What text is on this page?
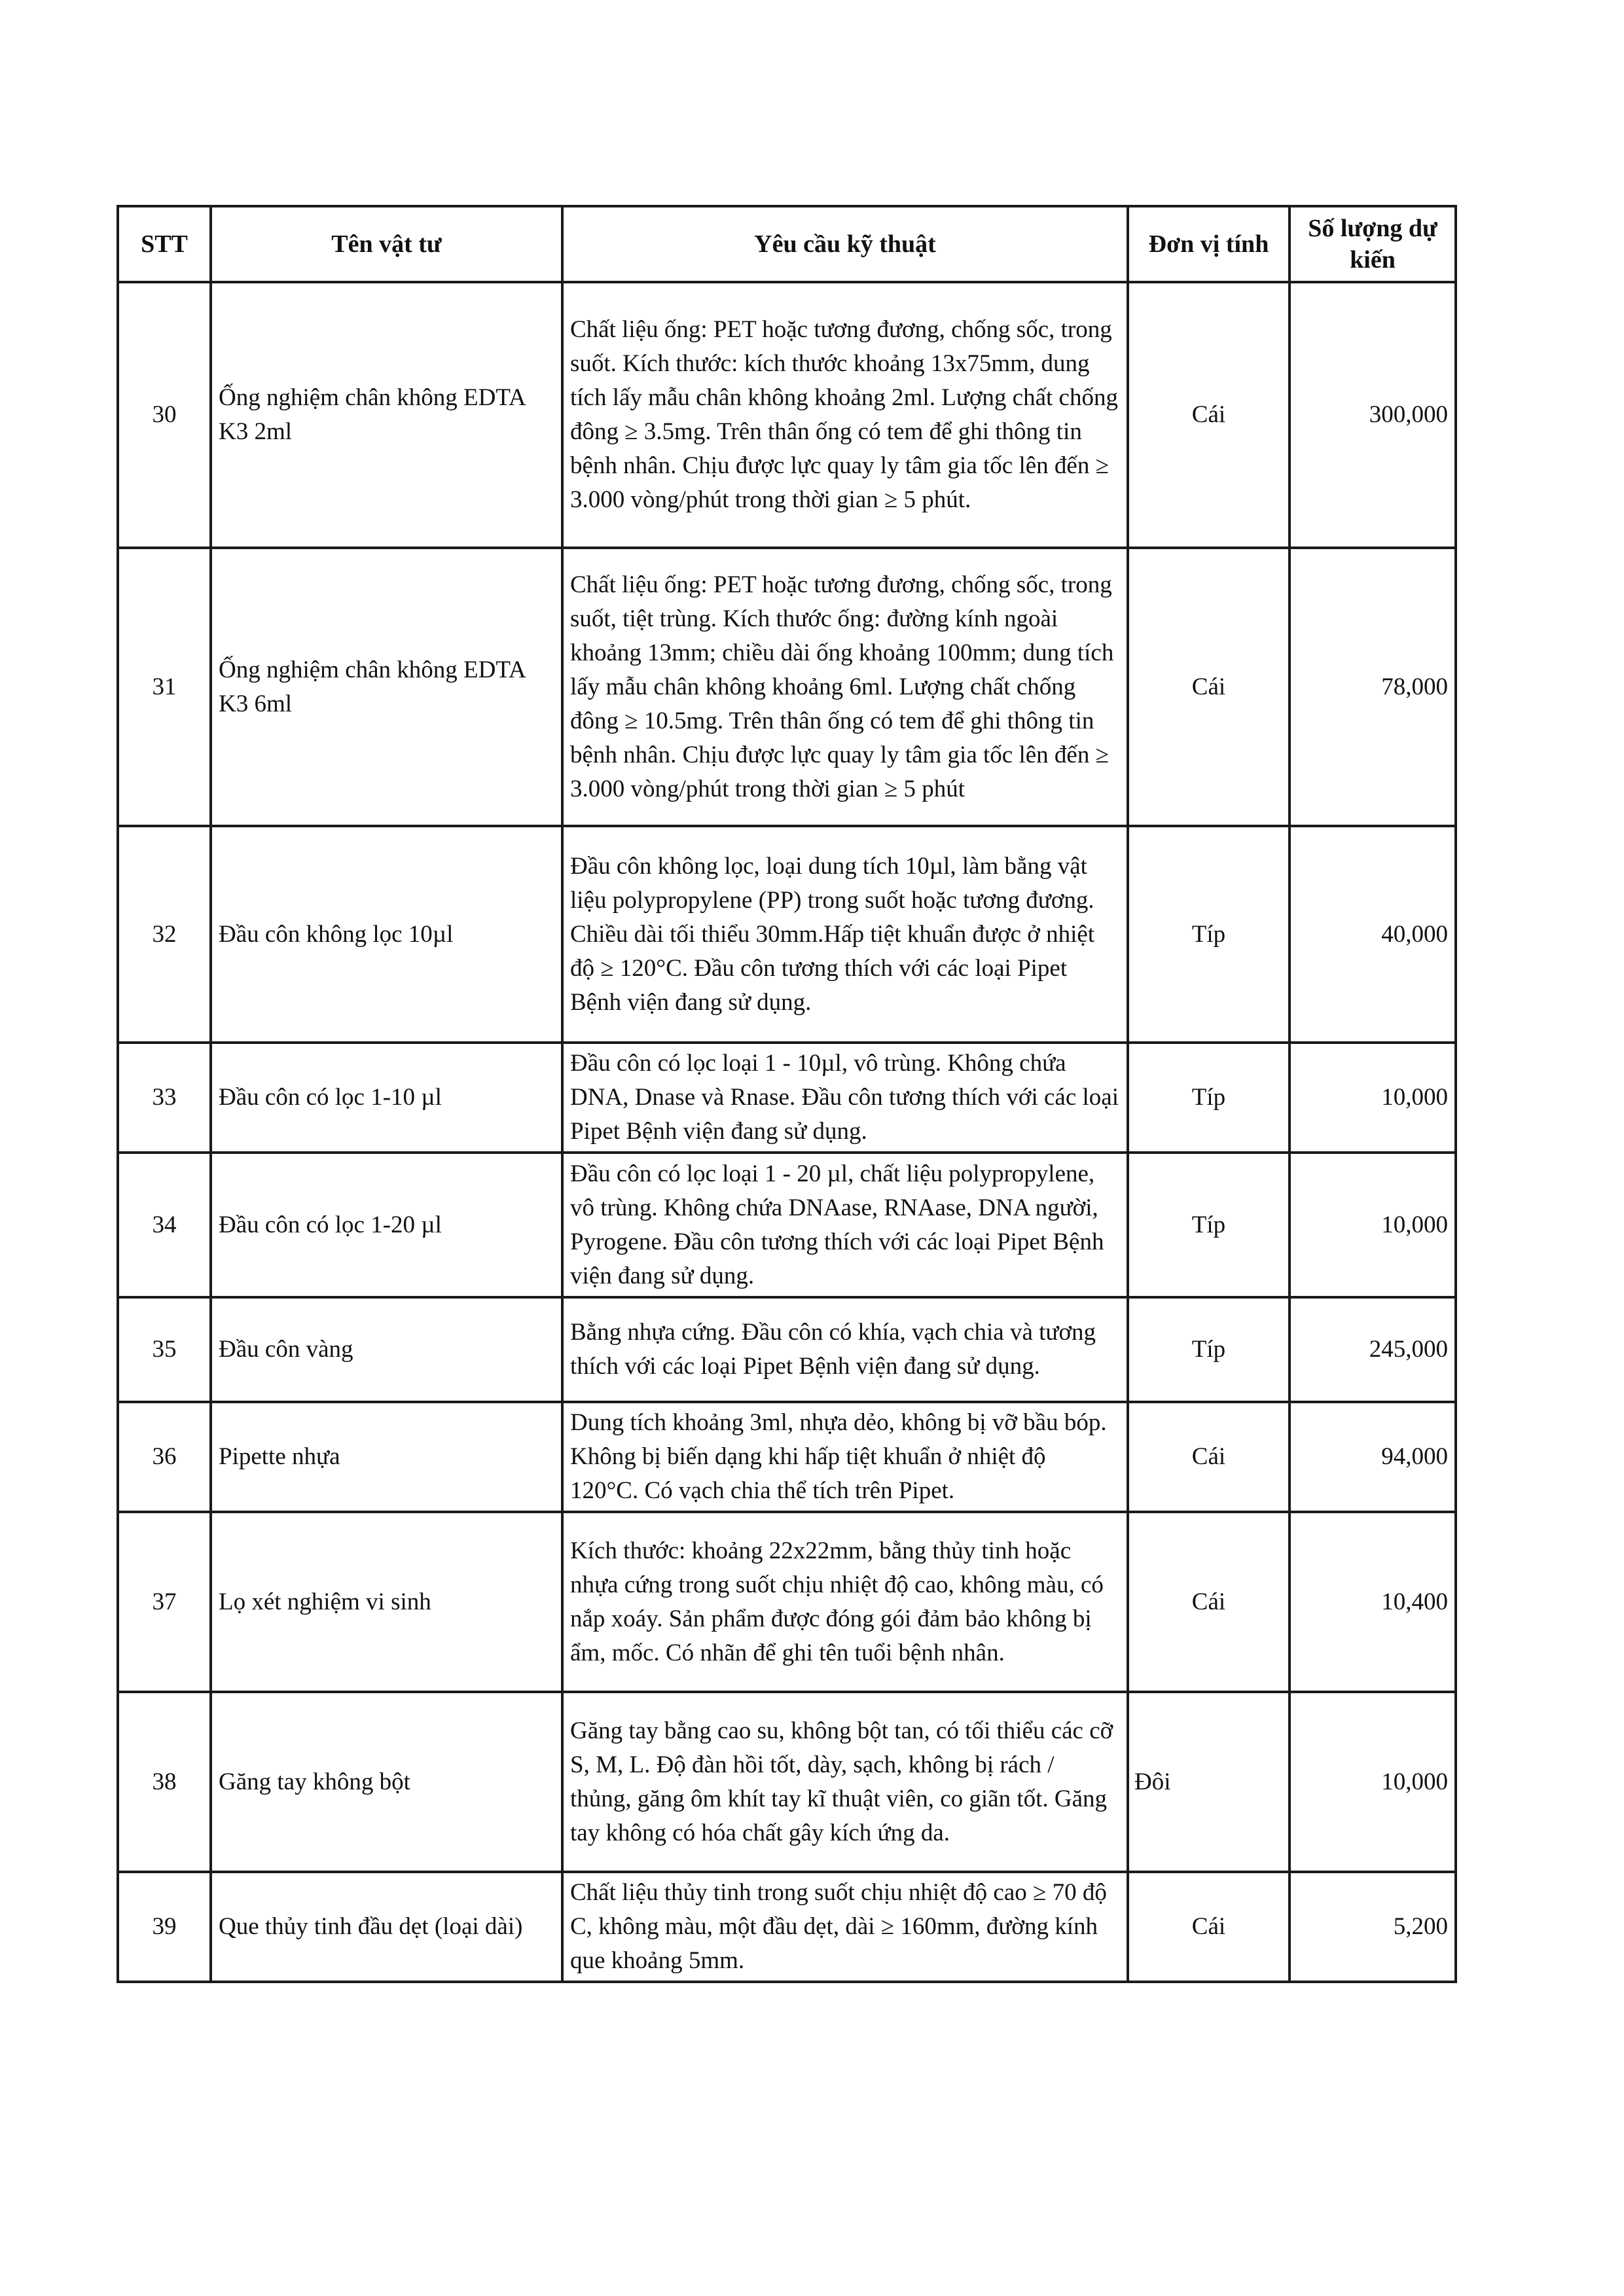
STT	Tên vật tư	Yêu cầu kỹ thuật	Đơn vị tính	Số lượng dự kiến
30	Ống nghiệm chân không EDTA K3 2ml	Chất liệu ống: PET hoặc tương đương, chống sốc, trong suốt. Kích thước: kích thước khoảng 13x75mm, dung tích lấy mẫu chân không khoảng 2ml. Lượng chất chống đông ≥ 3.5mg. Trên thân ống có tem để ghi thông tin bệnh nhân. Chịu được lực quay ly tâm gia tốc lên đến ≥ 3.000 vòng/phút trong thời gian ≥ 5 phút.	Cái	300,000
31	Ống nghiệm chân không EDTA K3 6ml	Chất liệu ống: PET hoặc tương đương, chống sốc, trong suốt, tiệt trùng. Kích thước ống: đường kính ngoài khoảng 13mm; chiều dài ống khoảng 100mm; dung tích lấy mẫu chân không khoảng 6ml. Lượng chất chống đông ≥ 10.5mg. Trên thân ống có tem để ghi thông tin bệnh nhân. Chịu được lực quay ly tâm gia tốc lên đến ≥ 3.000 vòng/phút trong thời gian ≥ 5 phút	Cái	78,000
32	Đầu côn không lọc 10µl	Đầu côn không lọc, loại dung tích 10µl, làm bằng vật liệu polypropylene (PP) trong suốt hoặc tương đương. Chiều dài tối thiểu 30mm.Hấp tiệt khuẩn được ở nhiệt độ ≥ 120°C. Đầu côn tương thích với các loại Pipet Bệnh viện đang sử dụng.	Típ	40,000
33	Đầu côn có lọc 1-10 µl	Đầu côn có lọc loại 1 - 10µl, vô trùng. Không chứa DNA, Dnase và Rnase. Đầu côn tương thích với các loại Pipet Bệnh viện đang sử dụng.	Típ	10,000
34	Đầu côn có lọc 1-20 µl	Đầu côn có lọc loại 1 - 20 µl, chất liệu polypropylene, vô trùng. Không chứa DNAase, RNAase, DNA người, Pyrogene. Đầu côn tương thích với các loại Pipet Bệnh viện đang sử dụng.	Típ	10,000
35	Đầu côn vàng	Bằng nhựa cứng. Đầu côn có khía, vạch chia và tương thích với các loại Pipet Bệnh viện đang sử dụng.	Típ	245,000
36	Pipette nhựa	Dung tích khoảng 3ml, nhựa dẻo, không bị vỡ bầu bóp. Không bị biến dạng khi hấp tiệt khuẩn ở nhiệt độ 120°C. Có vạch chia thể tích trên Pipet.	Cái	94,000
37	Lọ xét nghiệm vi sinh	Kích thước: khoảng 22x22mm, bằng thủy tinh hoặc nhựa cứng trong suốt chịu nhiệt độ cao, không màu, có nắp xoáy. Sản phẩm được đóng gói đảm bảo không bị ẩm, mốc. Có nhãn để ghi tên tuổi bệnh nhân.	Cái	10,400
38	Găng tay không bột	Găng tay bằng cao su, không bột tan, có tối thiểu các cỡ S, M, L. Độ đàn hồi tốt, dày, sạch, không bị rách / thủng, găng ôm khít tay kĩ thuật viên, co giãn tốt. Găng tay không có hóa chất gây kích ứng da.	Đôi	10,000
39	Que thủy tinh đầu dẹt (loại dài)	Chất liệu thủy tinh trong suốt chịu nhiệt độ cao ≥ 70 độ C, không màu, một đầu dẹt, dài ≥ 160mm, đường kính que khoảng 5mm.	Cái	5,200
